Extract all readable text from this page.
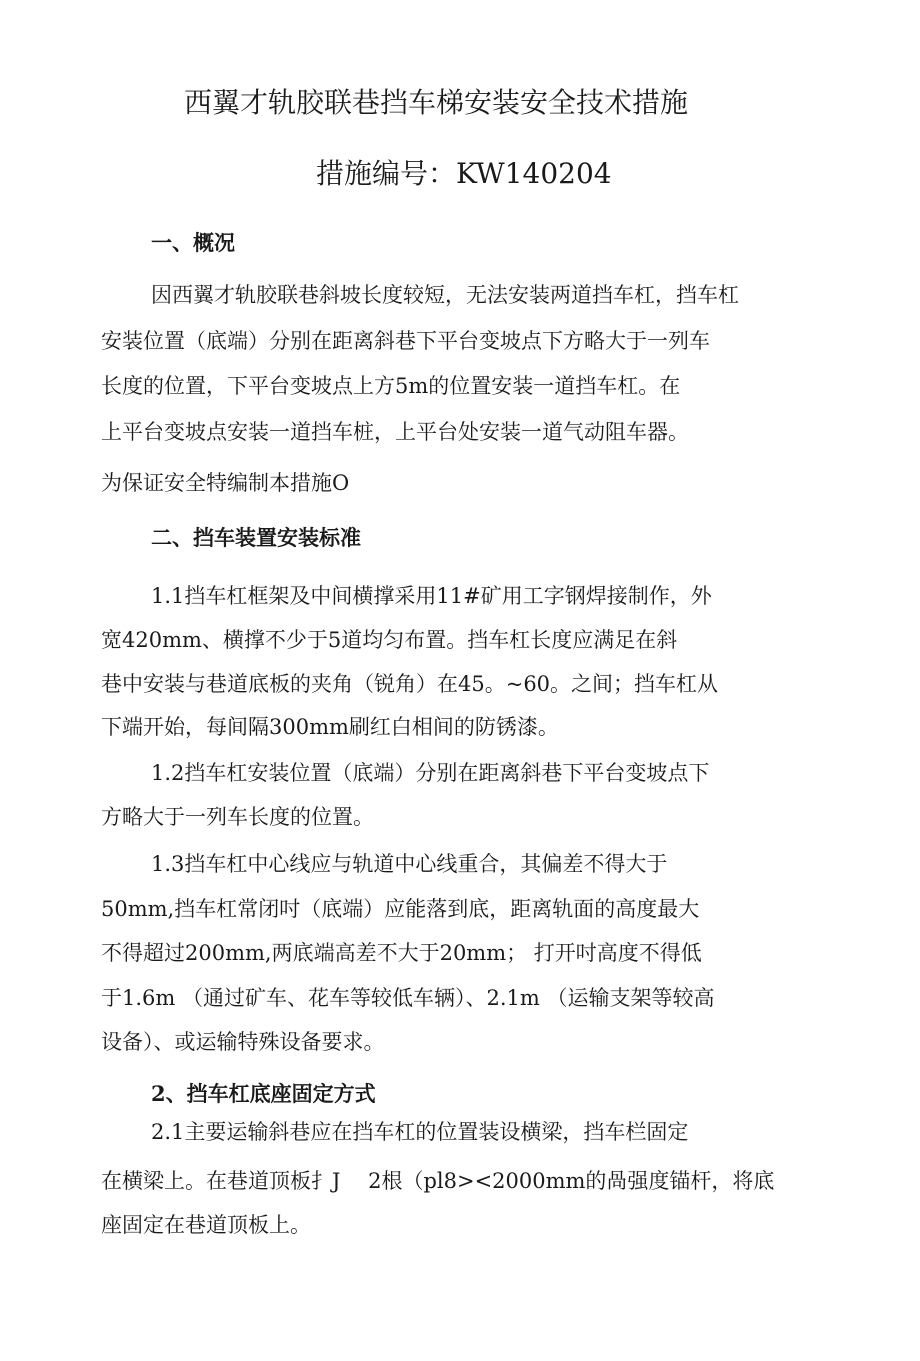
西翼才轨胶联巷挡车梯安装安全技术措施
措施编号：KW140204
一、概况
因西翼才轨胶联巷斜坡长度较短，无法安装两道挡车杠，挡车杠
安装位置（底端）分别在距离斜巷下平台变坡点下方略大于一列车
长度的位置，下平台变坡点上方5m的位置安装一道挡车杠。在
上平台变坡点安装一道挡车桩，上平台处安装一道气动阻车器。
为保证安全特编制本措施O
二、挡车装置安装标准
1.1挡车杠框架及中间横撑采用11#矿用工字钢焊接制作，外
宽420mm、横撑不少于5道均匀布置。挡车杠长度应满足在斜
巷中安装与巷道底板的夹角（锐角）在45。~60。之间；挡车杠从
下端开始，每间隔300mm刷红白相间的防锈漆。
1.2挡车杠安装位置（底端）分别在距离斜巷下平台变坡点下
方略大于一列车长度的位置。
1.3挡车杠中心线应与轨道中心线重合，其偏差不得大于
50mm,挡车杠常闭吋（底端）应能落到底，距离轨面的高度最大
不得超过200mm,两底端高差不大于20mm； 打开吋高度不得低
于1.6m （通过矿车、花车等较低车辆）、2.1m （运输支架等较高
设备）、或运输特殊设备要求。
2、挡车杠底座固定方式
2.1主要运输斜巷应在挡车杠的位置装设横梁，挡车栏固定
在横梁上。在巷道顶板扌J　 2根（pl8><2000mm的咼强度锚杆，将底
座固定在巷道顶板上。
